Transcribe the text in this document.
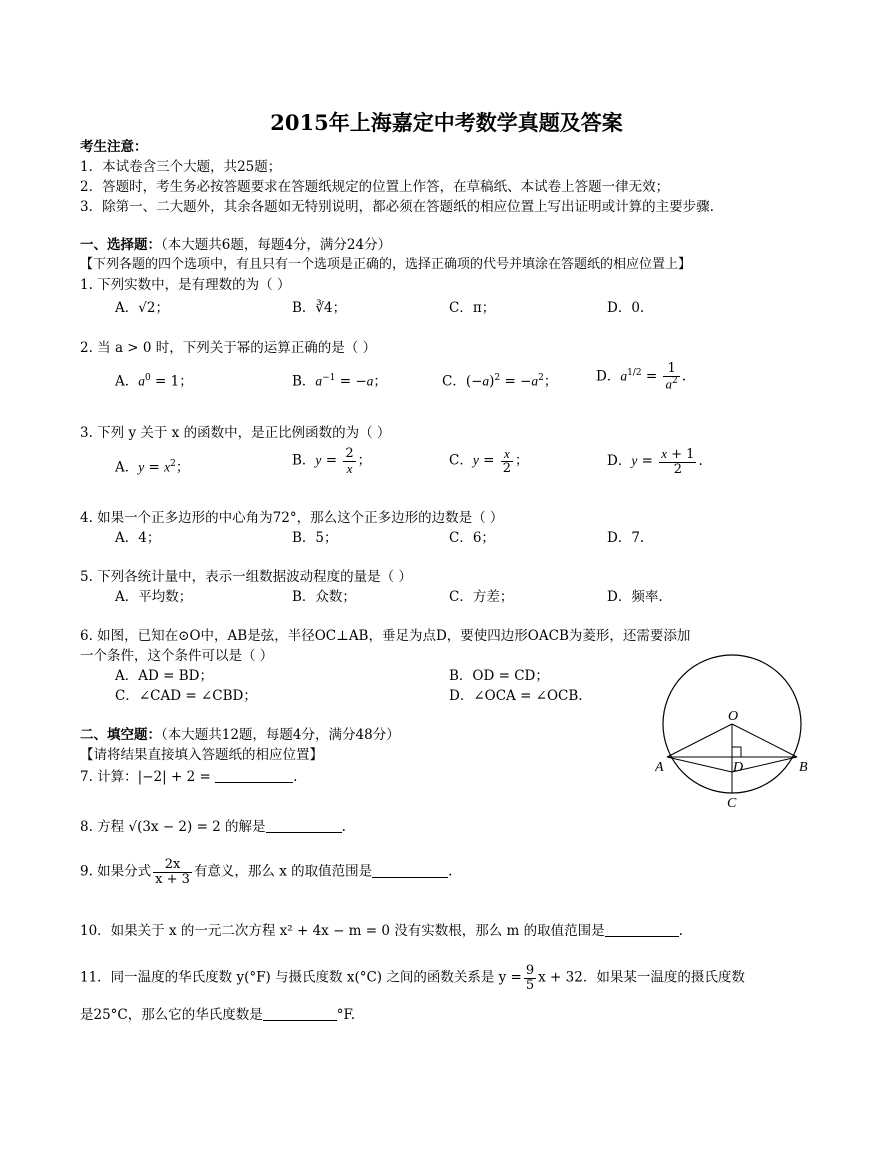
2015年上海嘉定中考数学真题及答案
考生注意：
1．本试卷含三个大题，共25题；
2．答题时，考生务必按答题要求在答题纸规定的位置上作答，在草稿纸、本试卷上答题一律无效；
3．除第一、二大题外，其余各题如无特别说明，都必须在答题纸的相应位置上写出证明或计算的主要步骤.
一、选择题：（本大题共6题，每题4分，满分24分）
【下列各题的四个选项中，有且只有一个选项是正确的，选择正确项的代号并填涂在答题纸的相应位置上】
1. 下列实数中，是有理数的为（ ）
A．√2；	B．∛4；	C．π；	D．0.
2. 当 a > 0 时，下列关于幂的运算正确的是（ ）
A．$a^0 = 1$；	B．$a^{-1} = -a$；	C．$(-a)^2 = -a^2$；	D．$a^{1/2} = \frac{1}{a^2}$ .
3. 下列 y 关于 x 的函数中，是正比例函数的为（ ）
A．$y = x^2$；	B．$y = \frac{2}{x}$ ；	C．$y = \frac{x}{2}$ ；	D．$y = \frac{x + 1}{2}$ .
4. 如果一个正多边形的中心角为72°，那么这个正多边形的边数是（ ）
A．4；	B．5；	C．6；	D．7.
5. 下列各统计量中，表示一组数据波动程度的量是（ ）
A．平均数；	B．众数；	C．方差；	D．频率.
6. 如图，已知在⊙O中，AB是弦，半径OC⊥AB，垂足为点D，要使四边形OACB为菱形，还需要添加
一个条件，这个条件可以是（ ）
A．AD = BD；	B．OD = CD；
C．∠CAD = ∠CBD；	D．∠OCA = ∠OCB.
O
A	D	B
C
二、填空题：（本大题共12题，每题4分，满分48分）
【请将结果直接填入答题纸的相应位置】
7. 计算：|−2| + 2 =	.
8. 方程 √(3x − 2) = 2 的解是	.
9. 如果分式 $\frac{2x}{x + 3}$ 有意义，那么 x 的取值范围是	.
10．如果关于 x 的一元二次方程 x² + 4x − m = 0 没有实数根，那么 m 的取值范围是	.
11．同一温度的华氏度数 y(°F) 与摄氏度数 x(°C) 之间的函数关系是 $y = \frac{9}{5}$ x + 32．如果某一温度的摄氏度数
是25°C，那么它的华氏度数是	°F.
